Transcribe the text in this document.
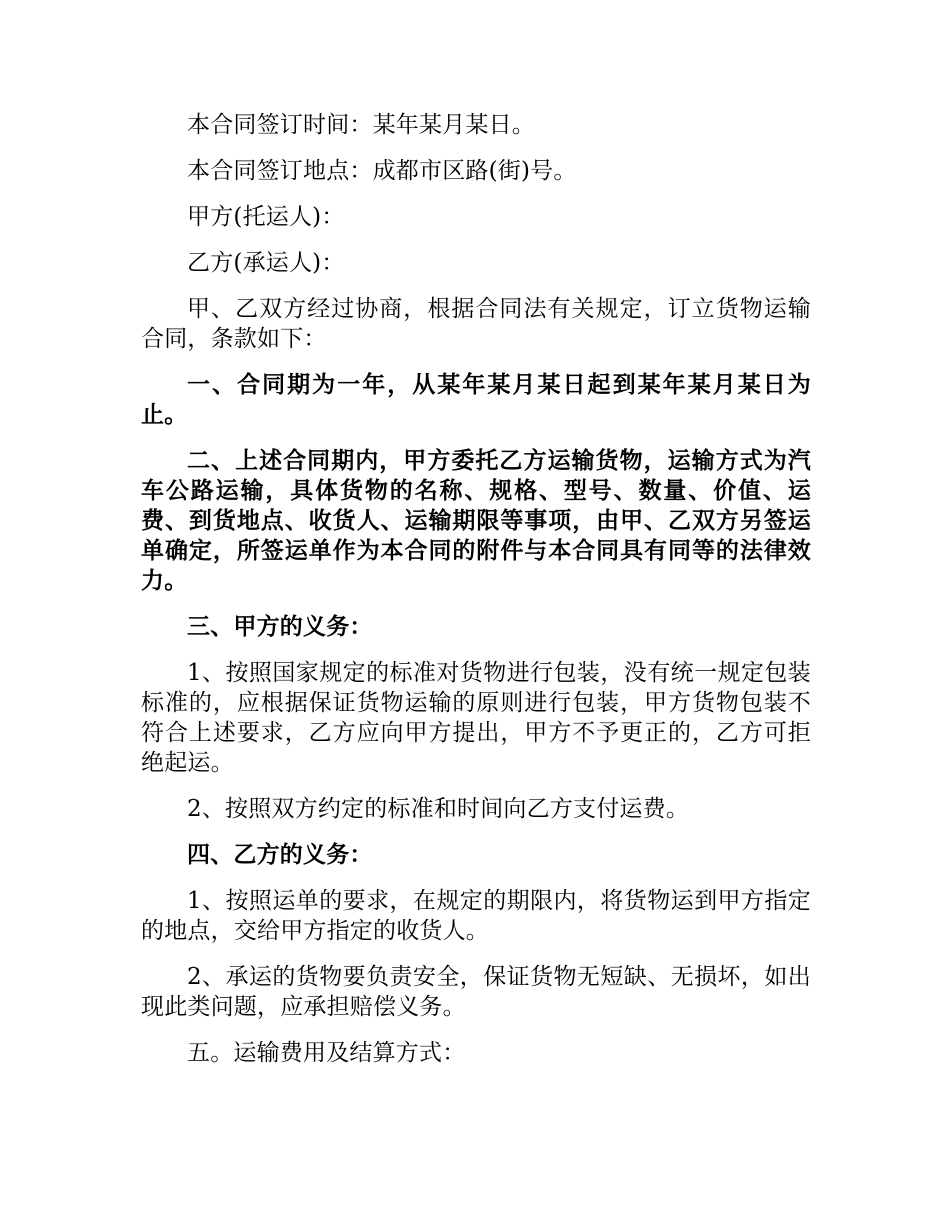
本合同签订时间：某年某月某日。

本合同签订地点：成都市区路(街)号。

甲方(托运人)：

乙方(承运人)：

甲、乙双方经过协商，根据合同法有关规定，订立货物运输合同，条款如下：

一、合同期为一年，从某年某月某日起到某年某月某日为止。

二、上述合同期内，甲方委托乙方运输货物，运输方式为汽车公路运输，具体货物的名称、规格、型号、数量、价值、运费、到货地点、收货人、运输期限等事项，由甲、乙双方另签运单确定，所签运单作为本合同的附件与本合同具有同等的法律效力。

三、甲方的义务：

1、按照国家规定的标准对货物进行包装，没有统一规定包装标准的，应根据保证货物运输的原则进行包装，甲方货物包装不符合上述要求，乙方应向甲方提出，甲方不予更正的，乙方可拒绝起运。

2、按照双方约定的标准和时间向乙方支付运费。

四、乙方的义务：

1、按照运单的要求，在规定的期限内，将货物运到甲方指定的地点，交给甲方指定的收货人。

2、承运的货物要负责安全，保证货物无短缺、无损坏，如出现此类问题，应承担赔偿义务。

五。运输费用及结算方式：
